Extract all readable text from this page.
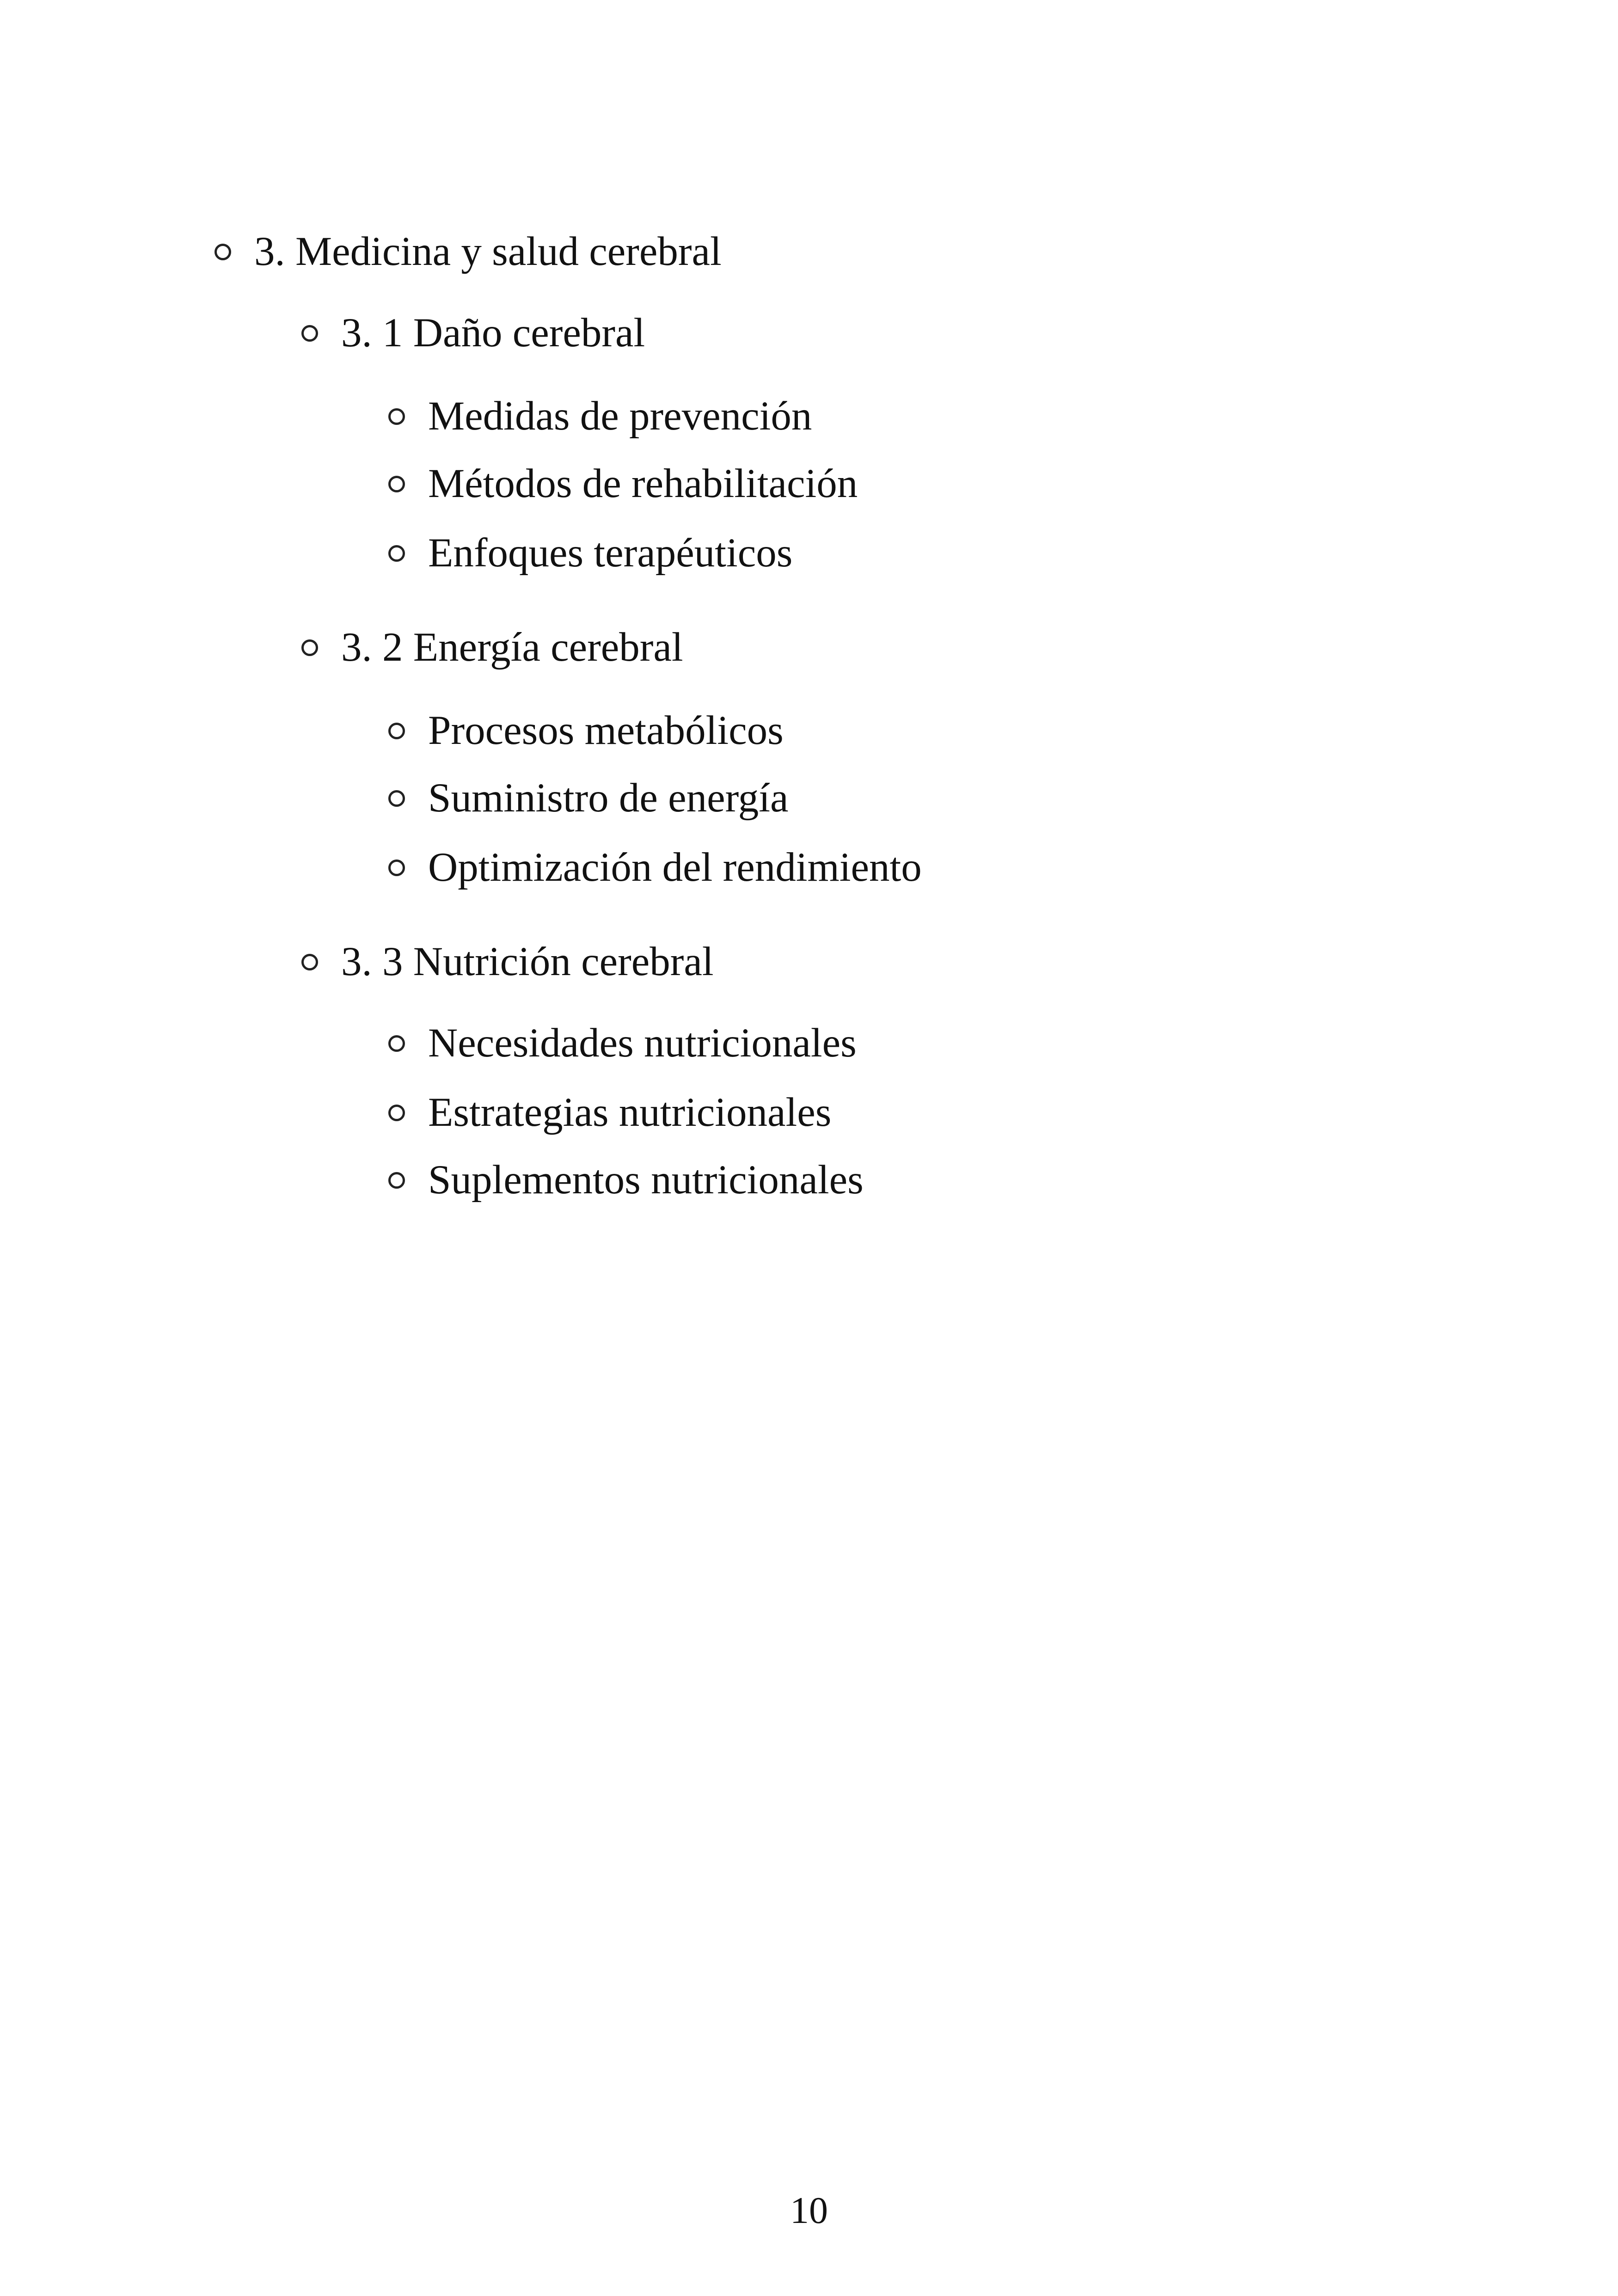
3. Medicina y salud cerebral
3. 1 Daño cerebral
Medidas de prevención
Métodos de rehabilitación
Enfoques terapéuticos
3. 2 Energía cerebral
Procesos metabólicos
Suministro de energía
Optimización del rendimiento
3. 3 Nutrición cerebral
Necesidades nutricionales
Estrategias nutricionales
Suplementos nutricionales
10
